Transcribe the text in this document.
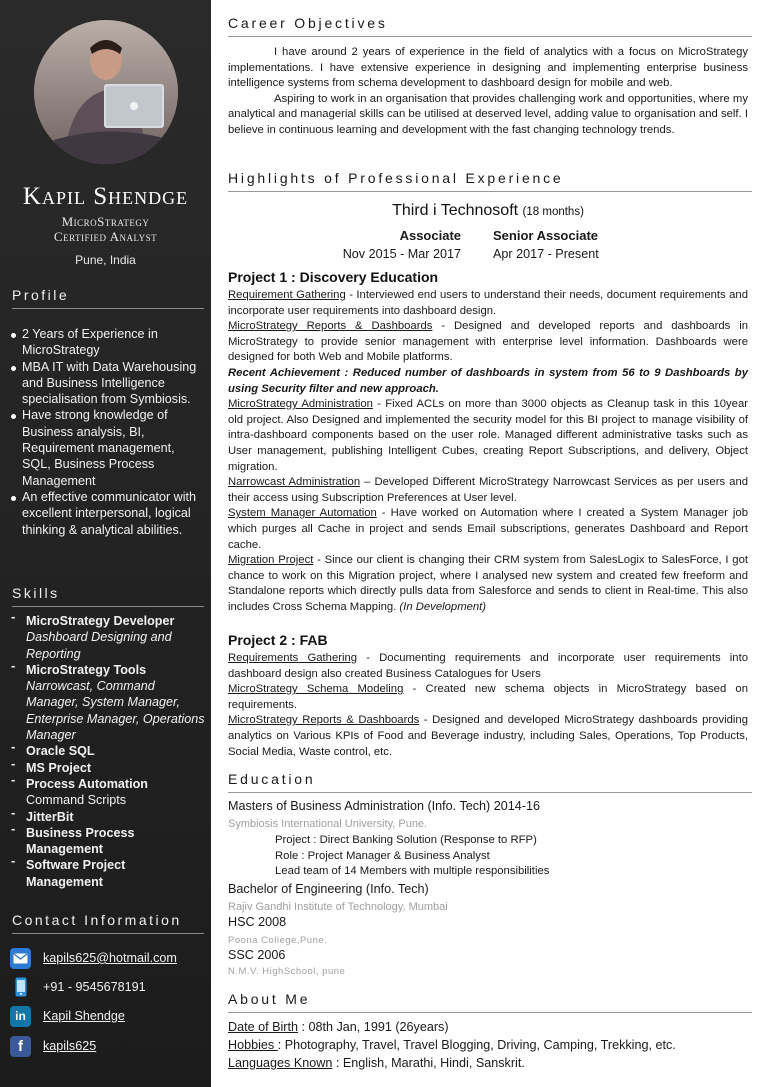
Kapil Shendge
MicroStrategy
Certified Analyst
Pune, India
Profile
2 Years of Experience in MicroStrategy
MBA IT with Data Warehousing and Business Intelligence specialisation from Symbiosis.
Have strong knowledge of Business analysis, BI, Requirement management, SQL, Business Process Management
An effective communicator with excellent interpersonal, logical thinking & analytical abilities.
Skills
- MicroStrategy Developer
Dashboard Designing and Reporting
- MicroStrategy Tools
Narrowcast, Command Manager, System Manager, Enterprise Manager, Operations Manager
- Oracle SQL
- MS Project
- Process Automation
Command Scripts
- JitterBit
- Business Process Management
- Software Project Management
Contact Information
kapils625@hotmail.com
+91 - 9545678191
in	Kapil Shendge
f	kapils625
Career Objectives

I have around 2 years of experience in the field of analytics with a focus on MicroStrategy implementations. I have extensive experience in designing and implementing enterprise business intelligence systems from schema development to dashboard design for mobile and web.

Aspiring to work in an organisation that provides challenging work and opportunities, where my analytical and managerial skills can be utilised at deserved level, adding value to organisation and self. I believe in continuous learning and development with the fast changing technology trends.

Highlights of Professional Experience
Third i Technosoft (18 months)
Associate
Nov 2015 - Mar 2017
Senior Associate
Apr 2017 - Present
Project 1 : Discovery Education
Requirement Gathering - Interviewed end users to understand their needs, document requirements and incorporate user requirements into dashboard design.
MicroStrategy Reports & Dashboards - Designed and developed reports and dashboards in MicroStrategy to provide senior management with enterprise level information. Dashboards were designed for both Web and Mobile platforms.
Recent Achievement : Reduced number of dashboards in system from 56 to 9 Dashboards by using Security filter and new approach.
MicroStrategy Administration - Fixed ACLs on more than 3000 objects as Cleanup task in this 10year old project. Also Designed and implemented the security model for this BI project to manage visibility of intra-dashboard components based on the user role. Managed different administrative tasks such as User management, publishing Intelligent Cubes, creating Report Subscriptions, and delivery, Object migration.
Narrowcast Administration – Developed Different MicroStrategy Narrowcast Services as per users and their access using Subscription Preferences at User level.
System Manager Automation - Have worked on Automation where I created a System Manager job which purges all Cache in project and sends Email subscriptions, generates Dashboard and Report cache.
Migration Project - Since our client is changing their CRM system from SalesLogix to SalesForce, I got chance to work on this Migration project, where I analysed new system and created few freeform and Standalone reports which directly pulls data from Salesforce and sends to client in Real-time. This also includes Cross Schema Mapping. (In Development)
Project 2 : FAB
Requirements Gathering - Documenting requirements and incorporate user requirements into dashboard design also created Business Catalogues for Users
MicroStrategy Schema Modeling - Created new schema objects in MicroStrategy based on requirements.
MicroStrategy Reports & Dashboards - Designed and developed MicroStrategy dashboards providing analytics on Various KPIs of Food and Beverage industry, including Sales, Operations, Top Products, Social Media, Waste control, etc.
Education
Masters of Business Administration (Info. Tech) 2014-16
Symbiosis International University, Pune.
Project : Direct Banking Solution (Response to RFP)
Role : Project Manager & Business Analyst
Lead team of 14 Members with multiple responsibilities
Bachelor of Engineering (Info. Tech)
Rajiv Gandhi Institute of Technology, Mumbai
HSC 2008
Poona College,Pune.
SSC 2006
N.M.V. HighSchool, pune
About Me
Date of Birth : 08th Jan, 1991 (26years)
Hobbies : Photography, Travel, Travel Blogging, Driving, Camping, Trekking, etc.
Languages Known : English, Marathi, Hindi, Sanskrit.
